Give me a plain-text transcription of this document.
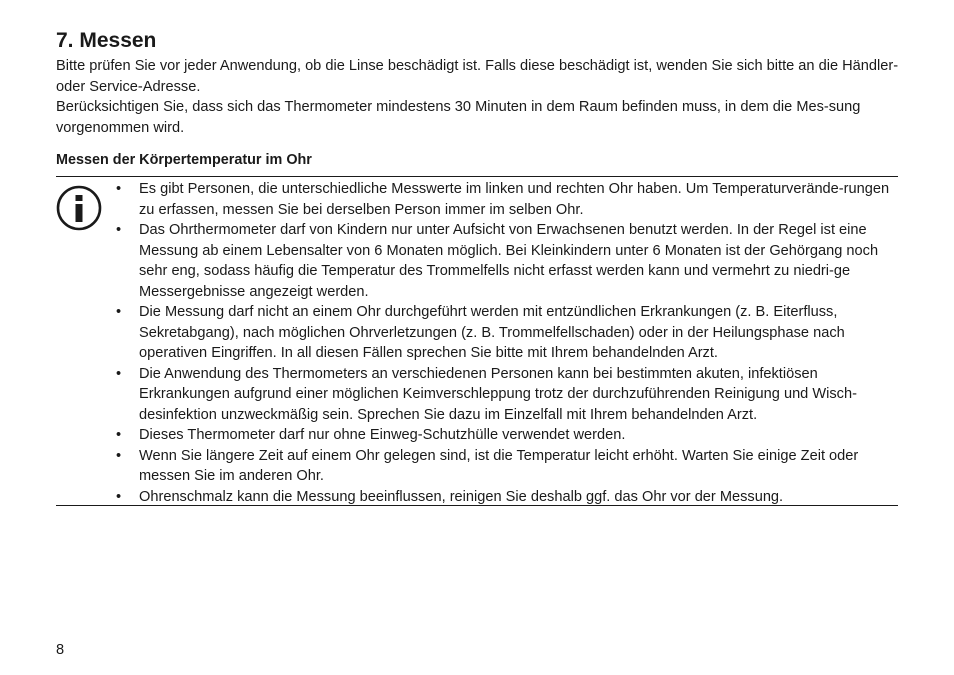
7. Messen

Bitte prüfen Sie vor jeder Anwendung, ob die Linse beschädigt ist. Falls diese beschädigt ist, wenden Sie sich bitte an die Händler- oder Service-Adresse.

Berücksichtigen Sie, dass sich das Thermometer mindestens 30 Minuten in dem Raum befinden muss, in dem die Mes-sung vorgenommen wird.

Messen der Körpertemperatur im Ohr
• Es gibt Personen, die unterschiedliche Messwerte im linken und rechten Ohr haben. Um Temperaturverände-rungen zu erfassen, messen Sie bei derselben Person immer im selben Ohr.
• Das Ohrthermometer darf von Kindern nur unter Aufsicht von Erwachsenen benutzt werden. In der Regel ist eine Messung ab einem Lebensalter von 6 Monaten möglich. Bei Kleinkindern unter 6 Monaten ist der Gehörgang noch sehr eng, sodass häufig die Temperatur des Trommelfells nicht erfasst werden kann und vermehrt zu niedri-ge Messergebnisse angezeigt werden.
• Die Messung darf nicht an einem Ohr durchgeführt werden mit entzündlichen Erkrankungen (z. B. Eiterfluss, Sekretabgang), nach möglichen Ohrverletzungen (z. B. Trommelfellschaden) oder in der Heilungsphase nach operativen Eingriffen. In all diesen Fällen sprechen Sie bitte mit Ihrem behandelnden Arzt.
• Die Anwendung des Thermometers an verschiedenen Personen kann bei bestimmten akuten, infektiösen Erkrankungen aufgrund einer möglichen Keimverschleppung trotz der durchzuführenden Reinigung und Wisch-desinfektion unzweckmäßig sein. Sprechen Sie dazu im Einzelfall mit Ihrem behandelnden Arzt.
• Dieses Thermometer darf nur ohne Einweg-Schutzhülle verwendet werden.
• Wenn Sie längere Zeit auf einem Ohr gelegen sind, ist die Temperatur leicht erhöht. Warten Sie einige Zeit oder messen Sie im anderen Ohr.
• Ohrenschmalz kann die Messung beeinflussen, reinigen Sie deshalb ggf. das Ohr vor der Messung.
8
